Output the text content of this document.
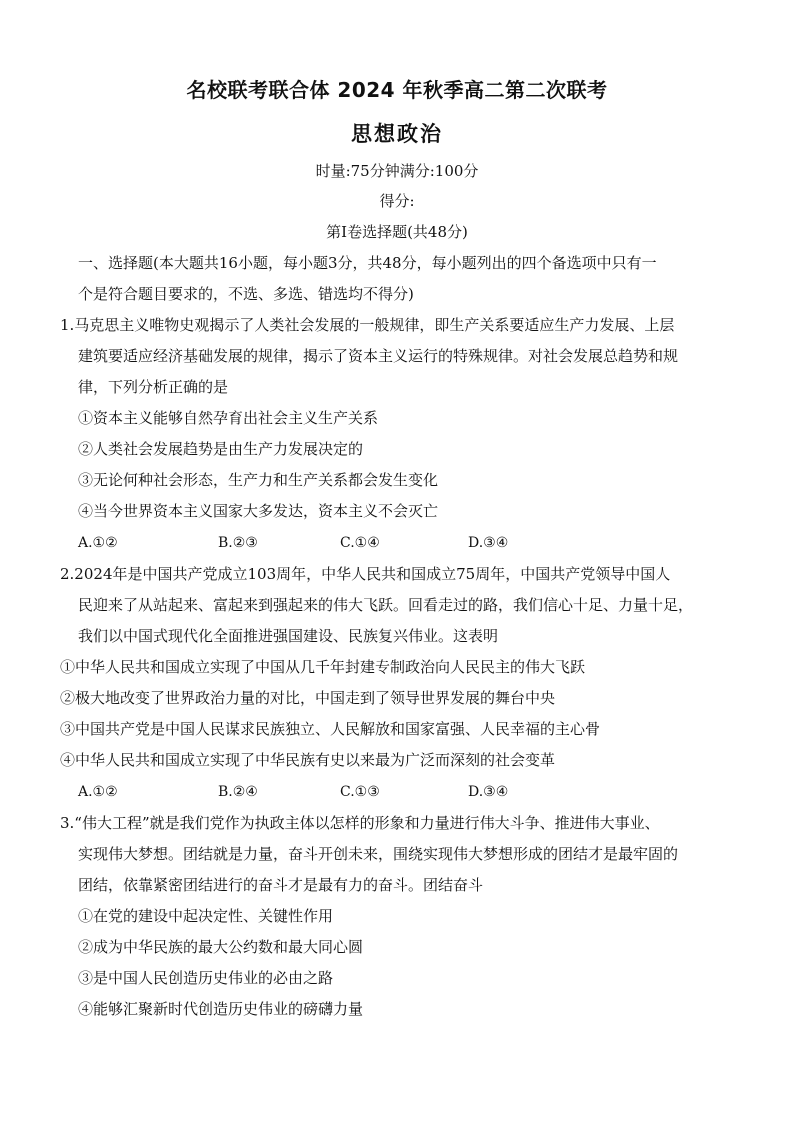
名校联考联合体 2024 年秋季高二第二次联考
思想政治
时量:75分钟满分:100分
得分:
第Ⅰ卷选择题(共48分)
一、选择题(本大题共16小题，每小题3分，共48分，每小题列出的四个备选项中只有一
个是符合题目要求的，不选、多选、错选均不得分)
1.马克思主义唯物史观揭示了人类社会发展的一般规律，即生产关系要适应生产力发展、上层
建筑要适应经济基础发展的规律，揭示了资本主义运行的特殊规律。对社会发展总趋势和规
律，下列分析正确的是
①资本主义能够自然孕育出社会主义生产关系
②人类社会发展趋势是由生产力发展决定的
③无论何种社会形态，生产力和生产关系都会发生变化
④当今世界资本主义国家大多发达，资本主义不会灭亡
A.①②	B.②③	C.①④	D.③④
2.2024年是中国共产党成立103周年，中华人民共和国成立75周年，中国共产党领导中国人
民迎来了从站起来、富起来到强起来的伟大飞跃。回看走过的路，我们信心十足、力量十足，
我们以中国式现代化全面推进强国建设、民族复兴伟业。这表明
①中华人民共和国成立实现了中国从几千年封建专制政治向人民民主的伟大飞跃
②极大地改变了世界政治力量的对比，中国走到了领导世界发展的舞台中央
③中国共产党是中国人民谋求民族独立、人民解放和国家富强、人民幸福的主心骨
④中华人民共和国成立实现了中华民族有史以来最为广泛而深刻的社会变革
A.①②	B.②④	C.①③	D.③④
3.“伟大工程”就是我们党作为执政主体以怎样的形象和力量进行伟大斗争、推进伟大事业、
实现伟大梦想。团结就是力量，奋斗开创未来，围绕实现伟大梦想形成的团结才是最牢固的
团结，依靠紧密团结进行的奋斗才是最有力的奋斗。团结奋斗
①在党的建设中起决定性、关键性作用
②成为中华民族的最大公约数和最大同心圆
③是中国人民创造历史伟业的必由之路
④能够汇聚新时代创造历史伟业的磅礴力量
